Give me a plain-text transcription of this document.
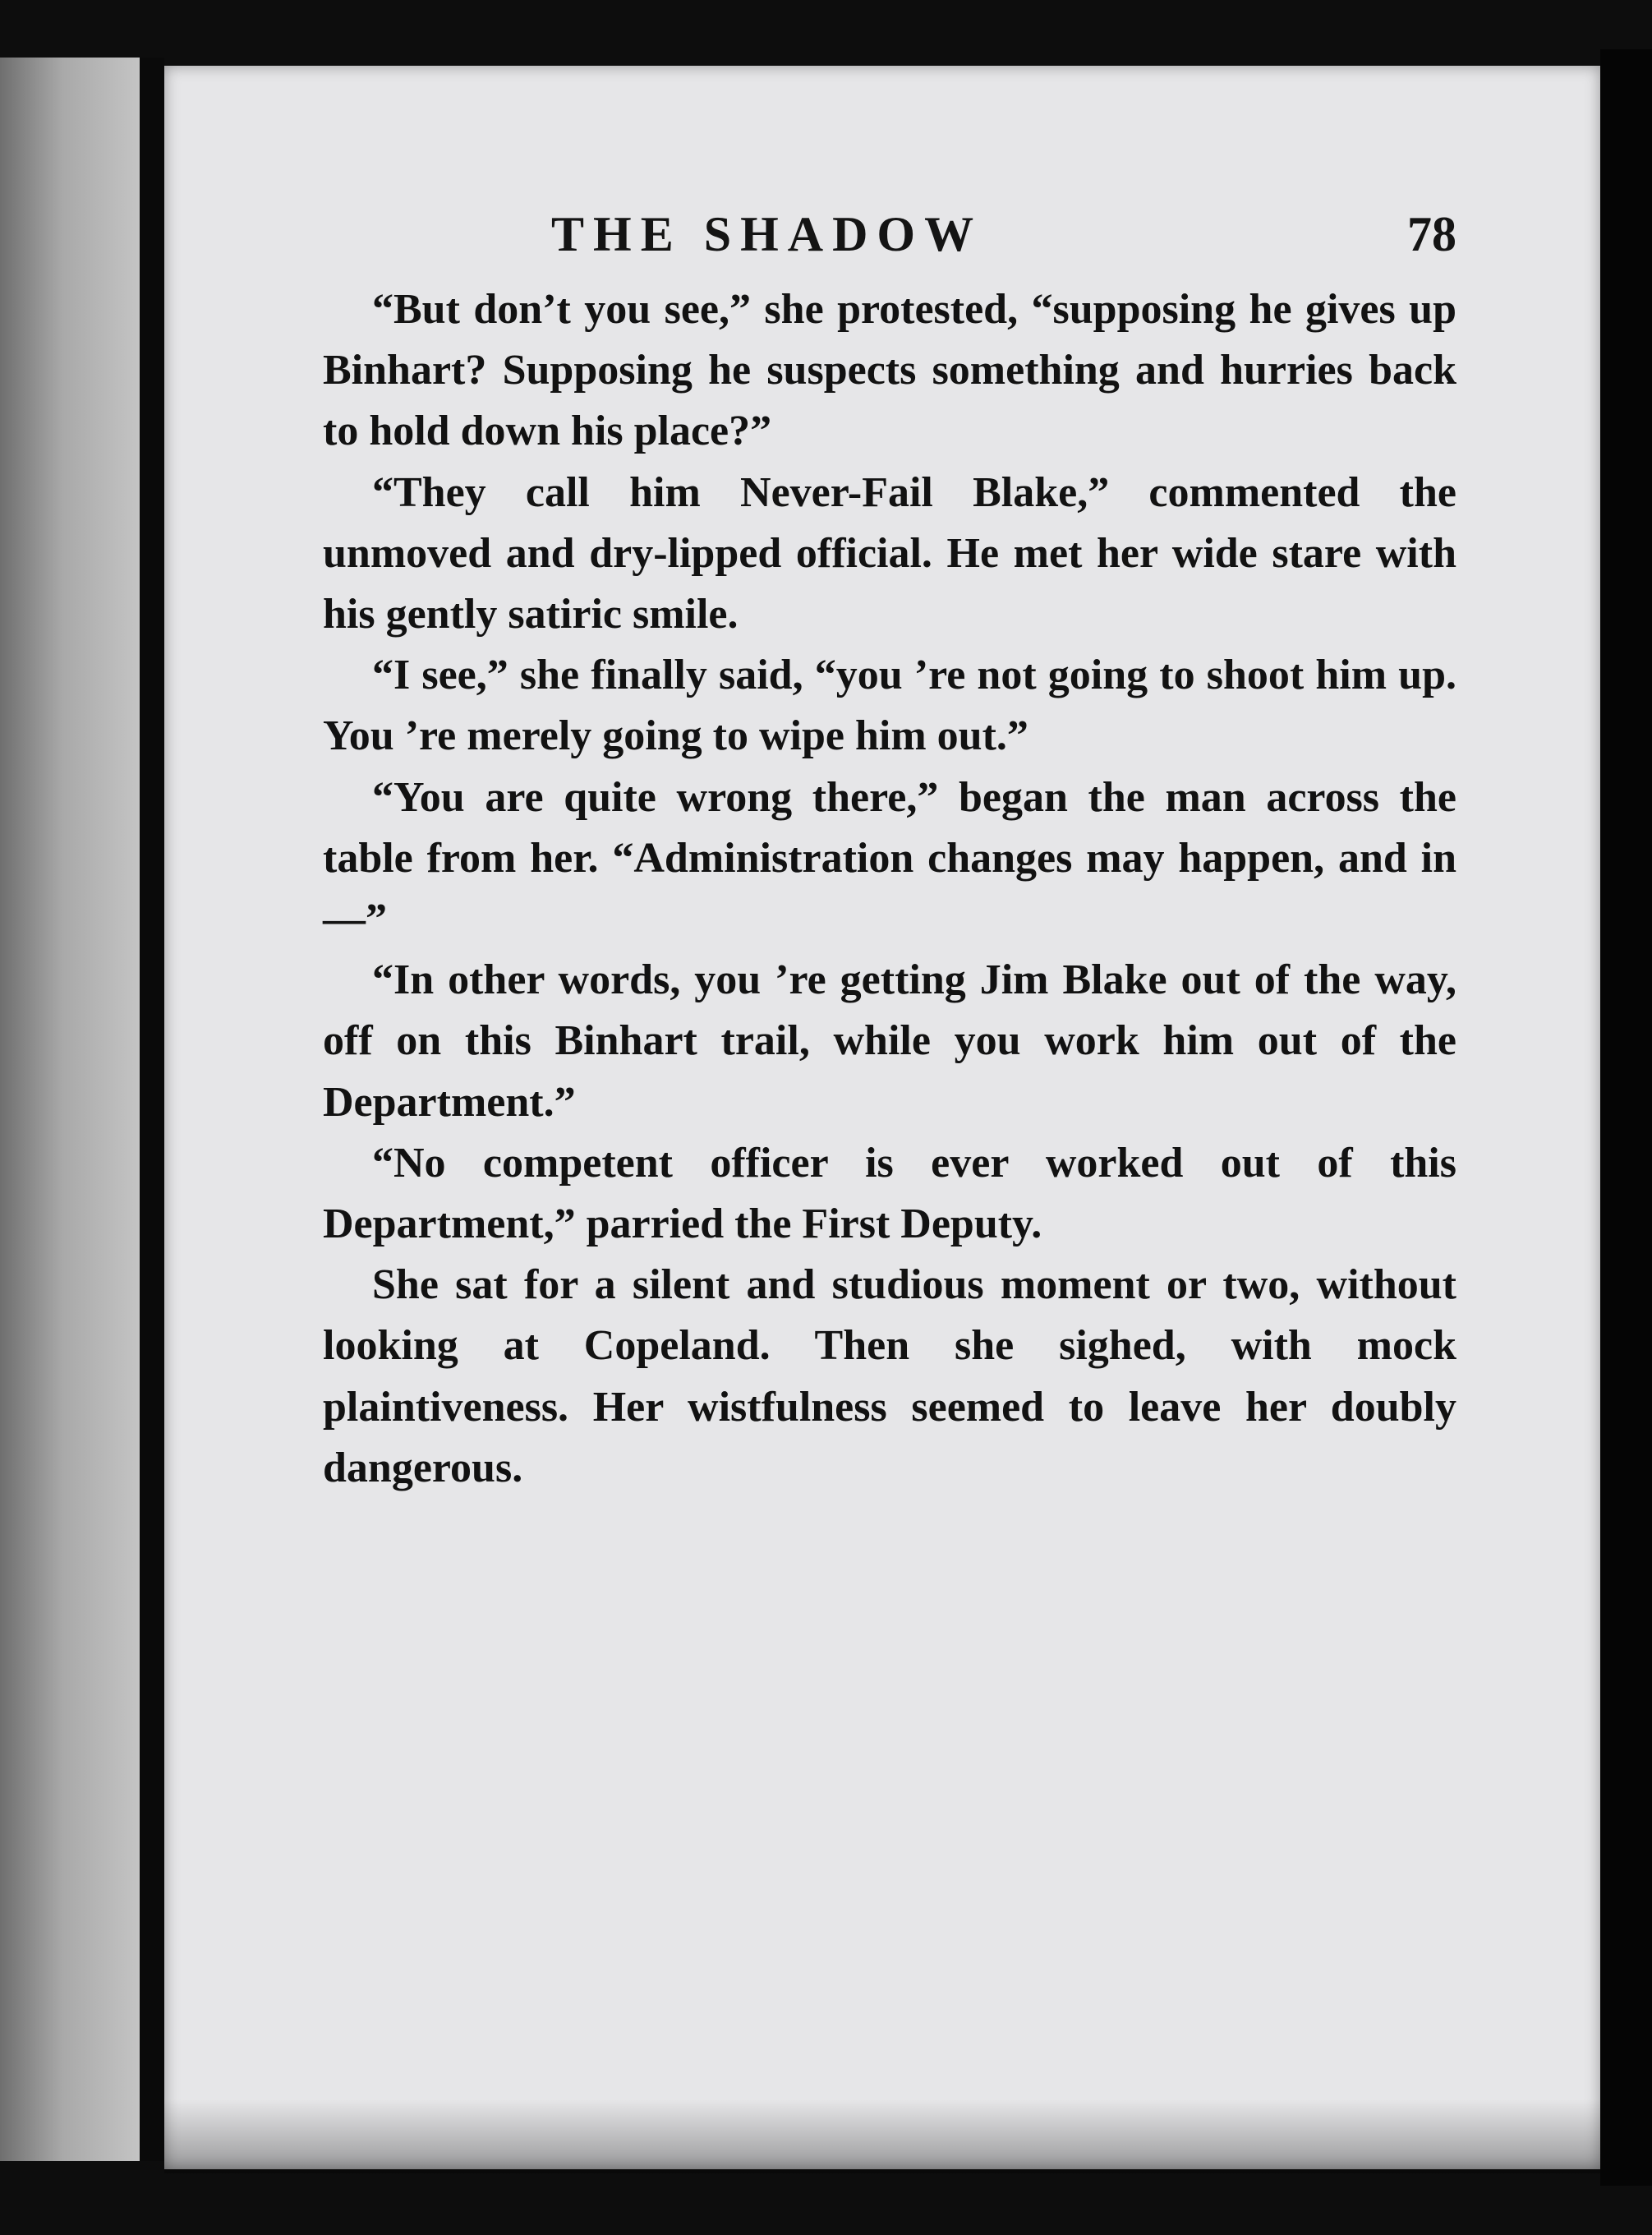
THE SHADOW	78

“But don’t you see,” she protested, “supposing he gives up Binhart? Supposing he suspects something and hurries back to hold down his place?”

“They call him Never-Fail Blake,” commented the unmoved and dry-lipped official. He met her wide stare with his gently satiric smile.

“I see,” she finally said, “you ’re not going to shoot him up. You ’re merely going to wipe him out.”

“You are quite wrong there,” began the man across the table from her. “Administration changes may happen, and in—”

“In other words, you ’re getting Jim Blake out of the way, off on this Binhart trail, while you work him out of the Department.”

“No competent officer is ever worked out of this Department,” parried the First Deputy.

She sat for a silent and studious moment or two, without looking at Copeland. Then she sighed, with mock plaintiveness. Her wistfulness seemed to leave her doubly dangerous.
